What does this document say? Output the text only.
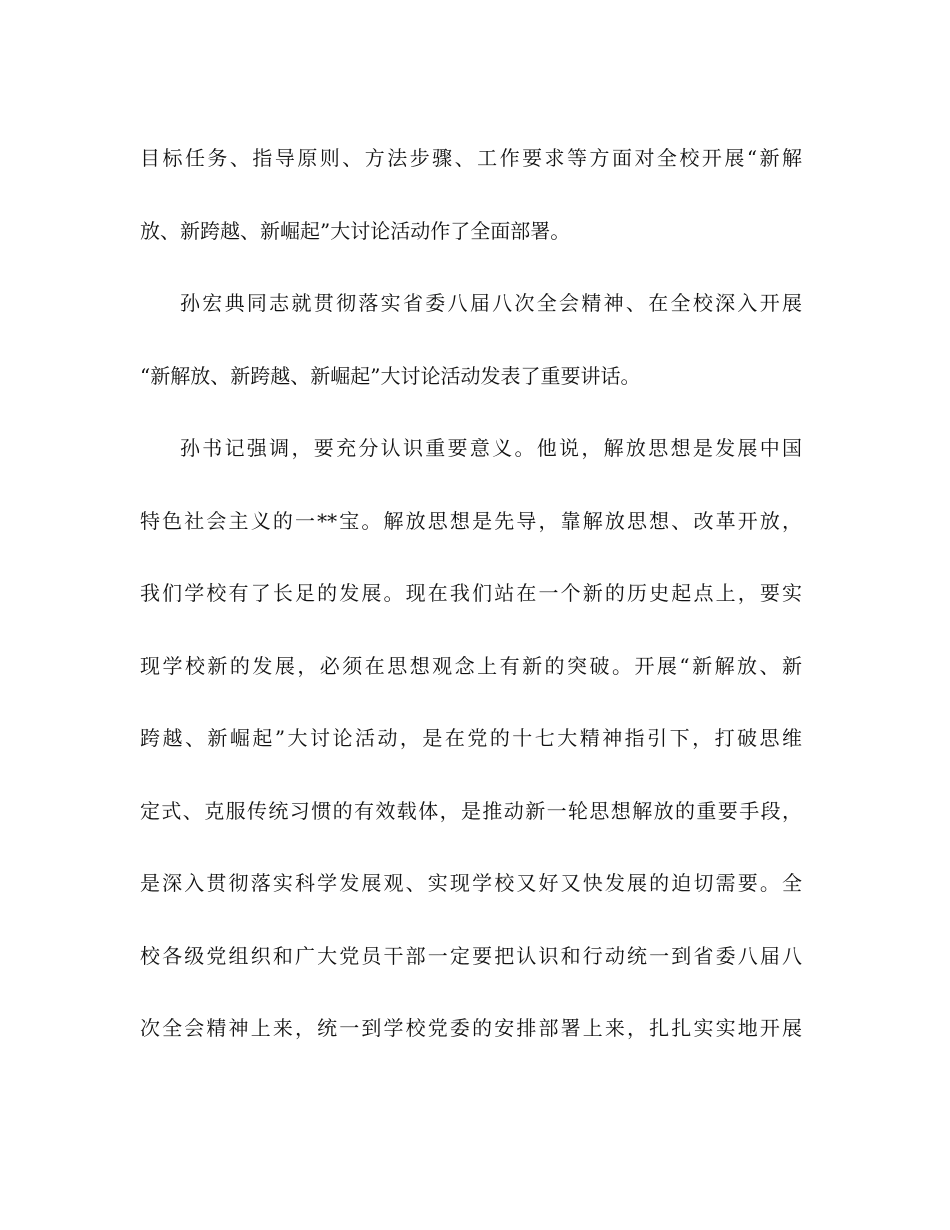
目标任务、指导原则、方法步骤、工作要求等方面对全校开展“新解
放、新跨越、新崛起”大讨论活动作了全面部署。
孙宏典同志就贯彻落实省委八届八次全会精神、在全校深入开展
“新解放、新跨越、新崛起”大讨论活动发表了重要讲话。
孙书记强调，要充分认识重要意义。他说，解放思想是发展中国
特色社会主义的一**宝。解放思想是先导，靠解放思想、改革开放，
我们学校有了长足的发展。现在我们站在一个新的历史起点上，要实
现学校新的发展，必须在思想观念上有新的突破。开展“新解放、新
跨越、新崛起”大讨论活动，是在党的十七大精神指引下，打破思维
定式、克服传统习惯的有效载体，是推动新一轮思想解放的重要手段，
是深入贯彻落实科学发展观、实现学校又好又快发展的迫切需要。全
校各级党组织和广大党员干部一定要把认识和行动统一到省委八届八
次全会精神上来，统一到学校党委的安排部署上来，扎扎实实地开展
